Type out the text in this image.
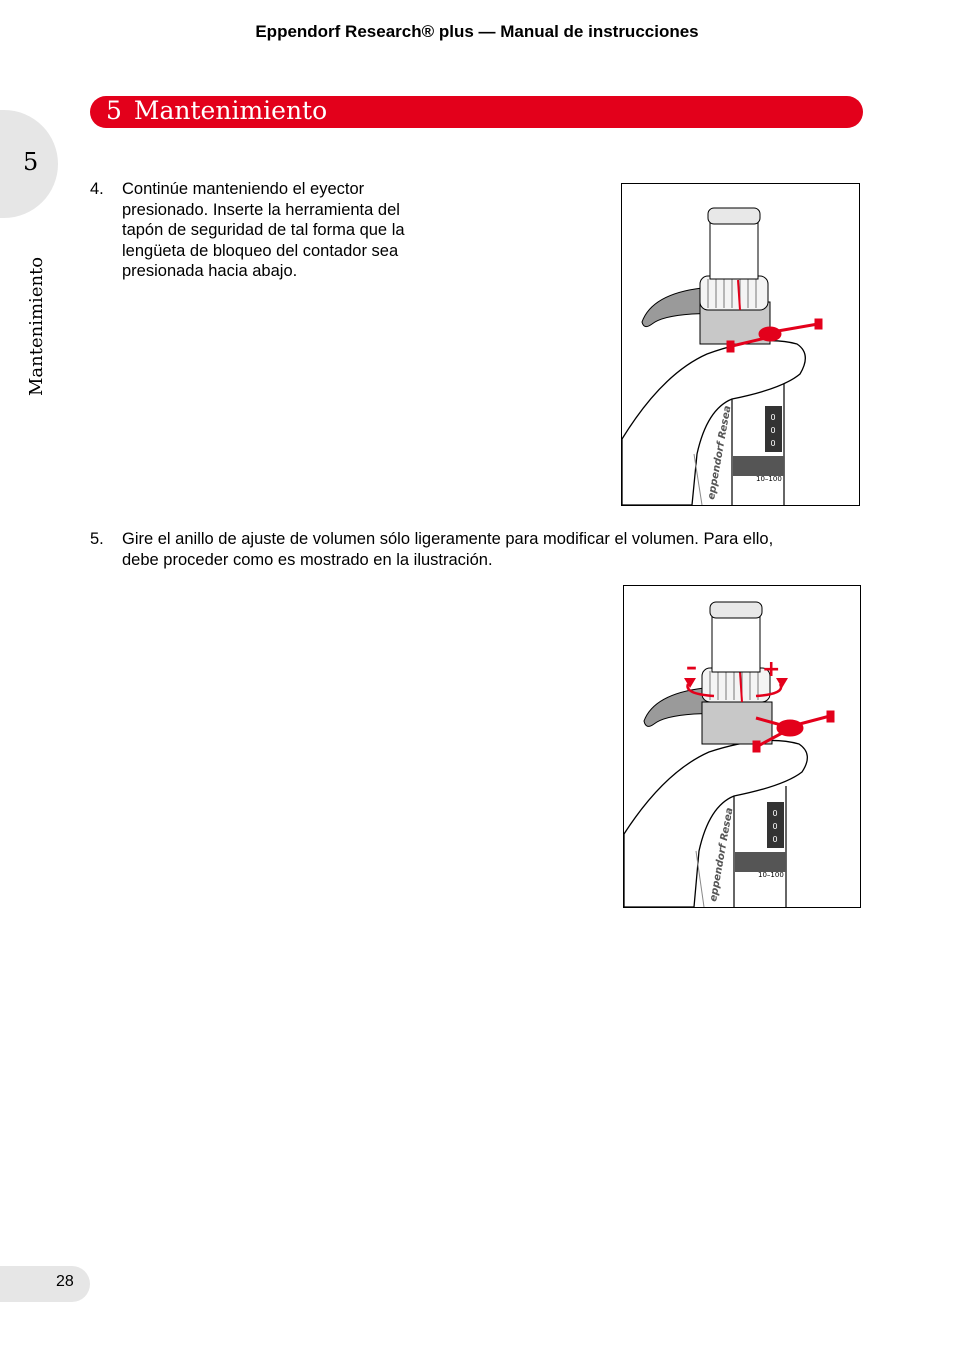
Eppendorf Research® plus — Manual de instrucciones
5 Mantenimiento
5
Mantenimiento
4. Continúe manteniendo el eyector
presionado. Inserte la herramienta del
tapón de seguridad de tal forma que la
lengüeta de bloqueo del contador sea
presionada hacia abajo.
0
0
0
10–100
eppendorf Resea
5. Gire el anillo de ajuste de volumen sólo ligeramente para modificar el volumen. Para ello,
debe proceder como es mostrado en la ilustración.
0
0
0
10–100
eppendorf Resea
–	+
28
